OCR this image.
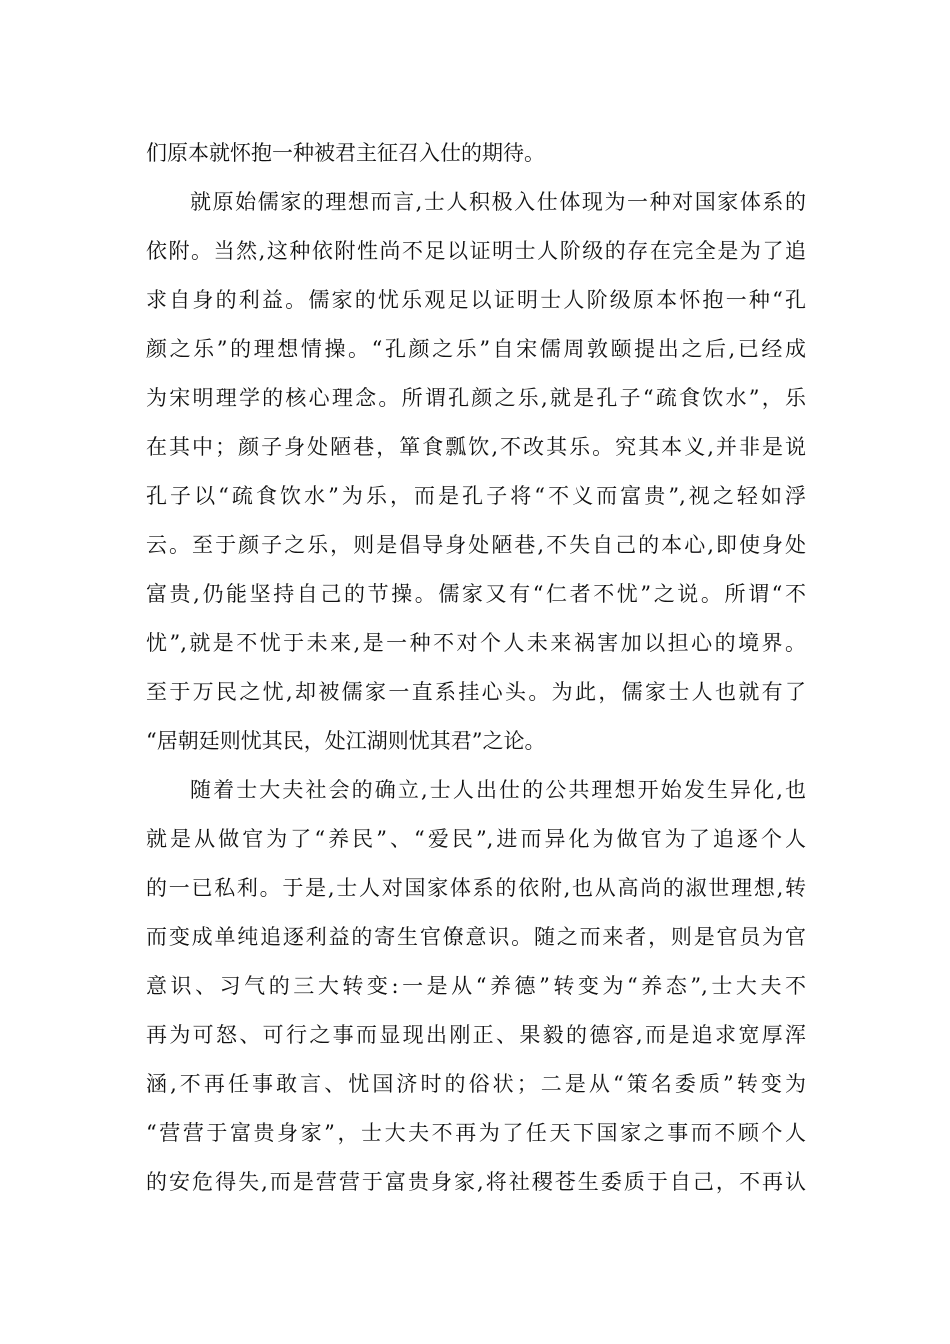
们原本就怀抱一种被君主征召入仕的期待。
就原始儒家的理想而言,士人积极入仕体现为一种对国家体系的
依附。当然,这种依附性尚不足以证明士人阶级的存在完全是为了追
求自身的利益。儒家的忧乐观足以证明士人阶级原本怀抱一种“孔
颜之乐”的理想情操。“孔颜之乐”自宋儒周敦颐提出之后,已经成
为宋明理学的核心理念。所谓孔颜之乐,就是孔子“疏食饮水”，乐
在其中；颜子身处陋巷，箪食瓢饮,不改其乐。究其本义,并非是说
孔子以“疏食饮水”为乐，而是孔子将“不义而富贵”,视之轻如浮
云。至于颜子之乐，则是倡导身处陋巷,不失自己的本心,即使身处
富贵,仍能坚持自己的节操。儒家又有“仁者不忧”之说。所谓“不
忧”,就是不忧于未来,是一种不对个人未来祸害加以担心的境界。
至于万民之忧,却被儒家一直系挂心头。为此，儒家士人也就有了
“居朝廷则忧其民，处江湖则忧其君”之论。
随着士大夫社会的确立,士人出仕的公共理想开始发生异化,也
就是从做官为了“养民”、“爱民”,进而异化为做官为了追逐个人
的一已私利。于是,士人对国家体系的依附,也从高尚的淑世理想,转
而变成单纯追逐利益的寄生官僚意识。随之而来者，则是官员为官
意识、习气的三大转变:一是从“养德”转变为“养态”,士大夫不
再为可怒、可行之事而显现出刚正、果毅的德容,而是追求宽厚浑
涵,不再任事敢言、忧国济时的俗状；二是从“策名委质”转变为
“营营于富贵身家”，士大夫不再为了任天下国家之事而不顾个人
的安危得失,而是营营于富贵身家,将社稷苍生委质于自己，不再认
